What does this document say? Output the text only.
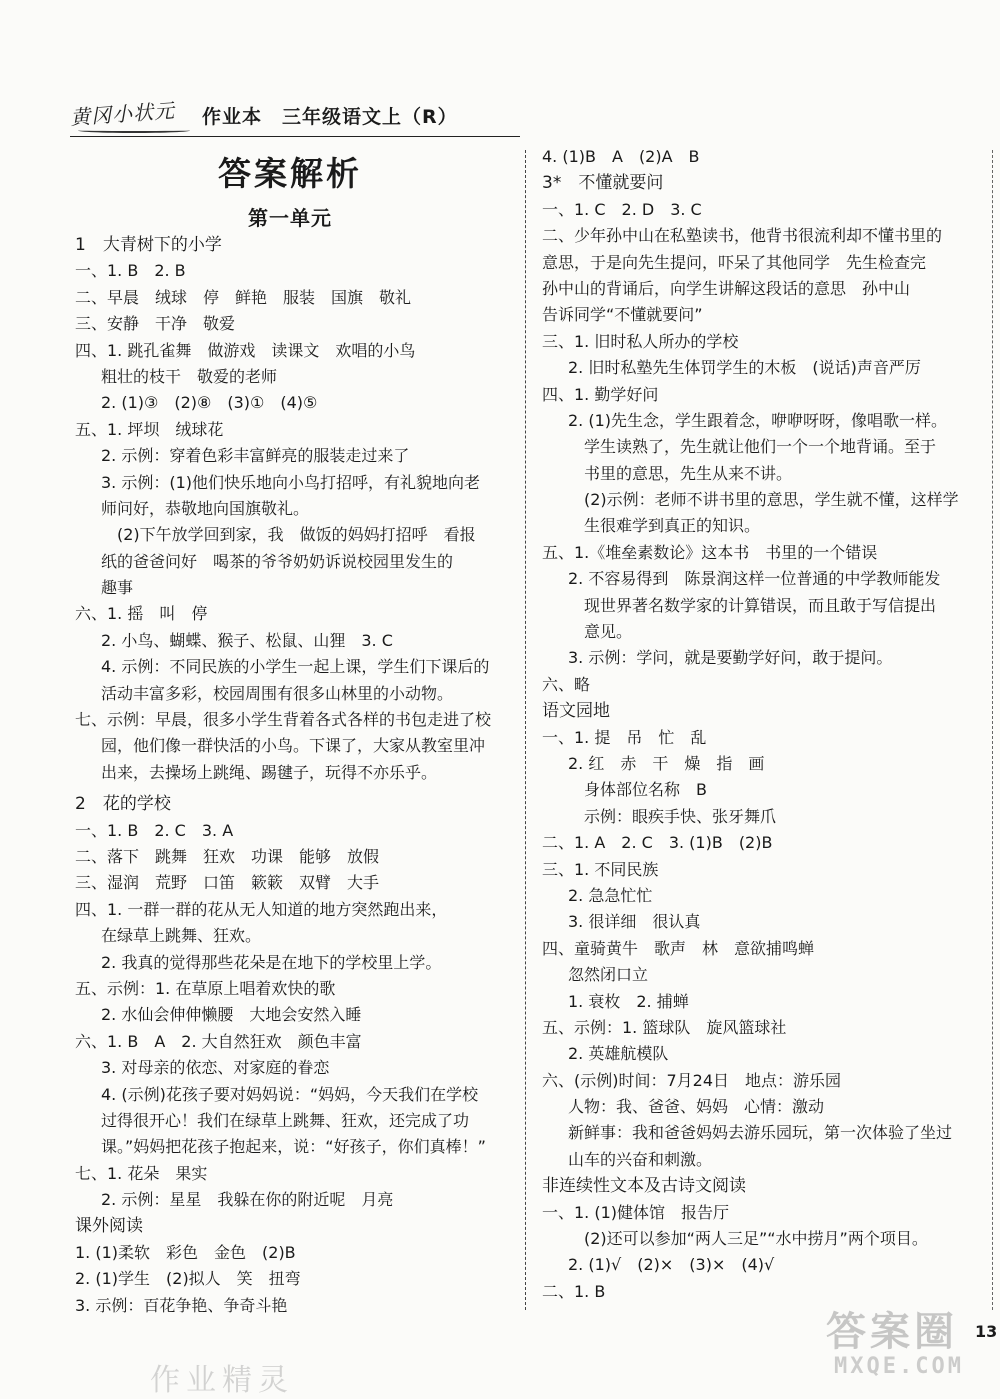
黄冈小状元 作业本　三年级语文上（R）
答案解析
第一单元
1　大青树下的小学
一、1. B　2. B
二、早晨　绒球　停　鲜艳　服装　国旗　敬礼
三、安静　干净　敬爱
四、1. 跳孔雀舞　做游戏　读课文　欢唱的小鸟
粗壮的枝干　敬爱的老师
2. (1)③　(2)⑧　(3)①　(4)⑤
五、1. 坪坝　绒球花
2. 示例：穿着色彩丰富鲜亮的服装走过来了
3. 示例：(1)他们快乐地向小鸟打招呼，有礼貌地向老
师问好，恭敬地向国旗敬礼。
(2)下午放学回到家，我　做饭的妈妈打招呼　看报
纸的爸爸问好　喝茶的爷爷奶奶诉说校园里发生的
趣事
六、1. 摇　叫　停
2. 小鸟、蝴蝶、猴子、松鼠、山狸　3. C
4. 示例：不同民族的小学生一起上课，学生们下课后的
活动丰富多彩，校园周围有很多山林里的小动物。
七、示例：早晨，很多小学生背着各式各样的书包走进了校
园，他们像一群快活的小鸟。下课了，大家从教室里冲
出来，去操场上跳绳、踢毽子，玩得不亦乐乎。
2　花的学校
一、1. B　2. C　3. A
二、落下　跳舞　狂欢　功课　能够　放假
三、湿润　荒野　口笛　簌簌　双臂　大手
四、1. 一群一群的花从无人知道的地方突然跑出来，
在绿草上跳舞、狂欢。
2. 我真的觉得那些花朵是在地下的学校里上学。
五、示例：1. 在草原上唱着欢快的歌
2. 水仙会伸伸懒腰　大地会安然入睡
六、1. B　A　2. 大自然狂欢　颜色丰富
3. 对母亲的依恋、对家庭的眷恋
4. (示例)花孩子要对妈妈说：“妈妈，今天我们在学校
过得很开心！我们在绿草上跳舞、狂欢，还完成了功
课。”妈妈把花孩子抱起来，说：“好孩子，你们真棒！”
七、1. 花朵　果实
2. 示例：星星　我躲在你的附近呢　月亮
课外阅读
1. (1)柔软　彩色　金色　(2)B
2. (1)学生　(2)拟人　笑　扭弯
3. 示例：百花争艳、争奇斗艳
4. (1)B　A　(2)A　B
3*　不懂就要问
一、1. C　2. D　3. C
二、少年孙中山在私塾读书，他背书很流利却不懂书里的
意思，于是向先生提问，吓呆了其他同学　先生检查完
孙中山的背诵后，向学生讲解这段话的意思　孙中山
告诉同学“不懂就要问”
三、1. 旧时私人所办的学校
2. 旧时私塾先生体罚学生的木板　(说话)声音严厉
四、1. 勤学好问
2. (1)先生念，学生跟着念，咿咿呀呀，像唱歌一样。
学生读熟了，先生就让他们一个一个地背诵。至于
书里的意思，先生从来不讲。
(2)示例：老师不讲书里的意思，学生就不懂，这样学
生很难学到真正的知识。
五、1.《堆垒素数论》这本书　书里的一个错误
2. 不容易得到　陈景润这样一位普通的中学教师能发
现世界著名数学家的计算错误，而且敢于写信提出
意见。
3. 示例：学问，就是要勤学好问，敢于提问。
六、略
语文园地
一、1. 提　吊　忙　乱
2. 红　赤　干　燥　指　画
身体部位名称　B
示例：眼疾手快、张牙舞爪
二、1. A　2. C　3. (1)B　(2)B
三、1. 不同民族
2. 急急忙忙
3. 很详细　很认真
四、童骑黄牛　歌声　林　意欲捕鸣蝉
忽然闭口立
1. 衰枚　2. 捕蝉
五、示例：1. 篮球队　旋风篮球社
2. 英雄航模队
六、(示例)时间：7月24日　地点：游乐园
人物：我、爸爸、妈妈　心情：激动
新鲜事：我和爸爸妈妈去游乐园玩，第一次体验了坐过
山车的兴奋和刺激。
非连续性文本及古诗文阅读
一、1. (1)健体馆　报告厅
(2)还可以参加“两人三足”“水中捞月”两个项目。
2. (1)√　(2)×　(3)×　(4)√
二、1. B
答案圈
MXQE.COM
13
作业精灵
